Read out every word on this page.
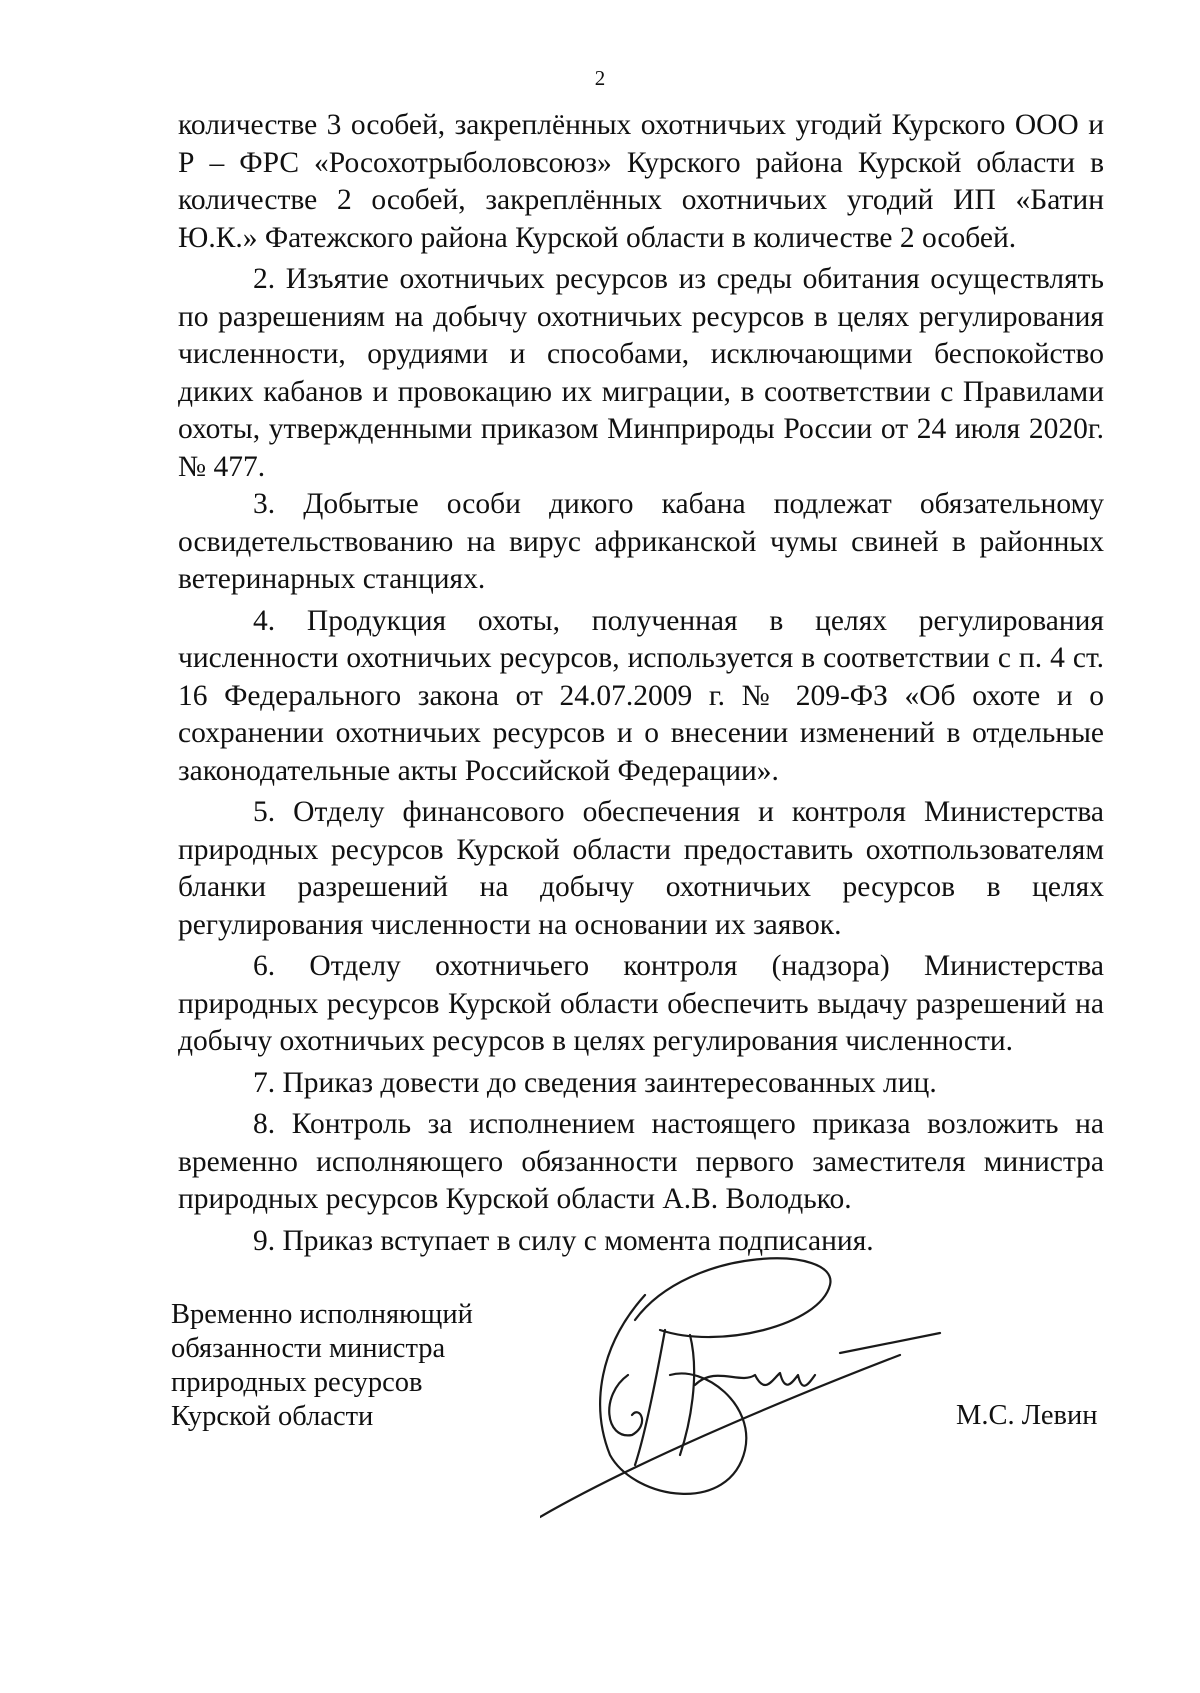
2

количестве 3 особей, закреплённых охотничьих угодий Курского ООО и Р – ФРС «Росохотрыболовсоюз» Курского района Курской области в количестве 2 особей, закреплённых охотничьих угодий ИП «Батин Ю.К.» Фатежского района Курской области в количестве 2 особей.

2. Изъятие охотничьих ресурсов из среды обитания осуществлять по разрешениям на добычу охотничьих ресурсов в целях регулирования численности, орудиями и способами, исключающими беспокойство диких кабанов и провокацию их миграции, в соответствии с Правилами охоты, утвержденными приказом Минприроды России от 24 июля 2020г. № 477.

3. Добытые особи дикого кабана подлежат обязательному освидетельствованию на вирус африканской чумы свиней в районных ветеринарных станциях.

4. Продукция охоты, полученная в целях регулирования численности охотничьих ресурсов, используется в соответствии с п. 4 ст. 16 Федерального закона от 24.07.2009 г. № 209-ФЗ «Об охоте и о сохранении охотничьих ресурсов и о внесении изменений в отдельные законодательные акты Российской Федерации».

5. Отделу финансового обеспечения и контроля Министерства природных ресурсов Курской области предоставить охотпользователям бланки разрешений на добычу охотничьих ресурсов в целях регулирования численности на основании их заявок.

6. Отделу охотничьего контроля (надзора) Министерства природных ресурсов Курской области обеспечить выдачу разрешений на добычу охотничьих ресурсов в целях регулирования численности.

7. Приказ довести до сведения заинтересованных лиц.

8. Контроль за исполнением настоящего приказа возложить на временно исполняющего обязанности первого заместителя министра природных ресурсов Курской области А.В. Володько.

9. Приказ вступает в силу с момента подписания.

Временно исполняющий
обязанности министра
природных ресурсов
Курской области	М.С. Левин
